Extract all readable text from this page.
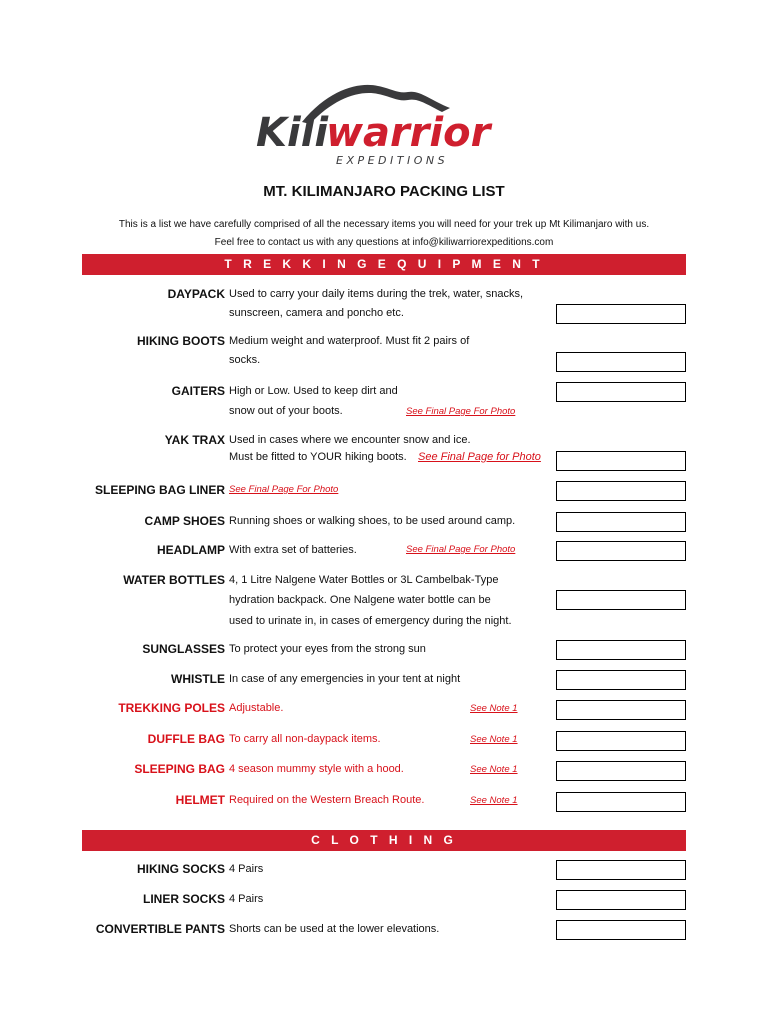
Kili
warrior
E X P E D I T I O N S
MT. KILIMANJARO PACKING LIST
This is a list we have carefully comprised of all the necessary items you will need for your trek up Mt Kilimanjaro with us.
Feel free to contact us with any questions at info@kiliwarriorexpeditions.com
T R E K K I N G E Q U I P M E N T
DAYPACK Used to carry your daily items during the trek, water, snacks,
sunscreen, camera and poncho etc.
HIKING BOOTS Medium weight and waterproof. Must fit 2 pairs of
socks.
GAITERS High or Low. Used to keep dirt and
snow out of your boots.	See Final Page For Photo
YAK TRAX Used in cases where we encounter snow and ice.
Must be fitted to YOUR hiking boots. See Final Page for Photo
SLEEPING BAG LINER See Final Page For Photo
CAMP SHOES Running shoes or walking shoes, to be used around camp.
HEADLAMP With extra set of batteries.	See Final Page For Photo
WATER BOTTLES 4, 1 Litre Nalgene Water Bottles or 3L Cambelbak-Type
hydration backpack. One Nalgene water bottle can be
used to urinate in, in cases of emergency during the night.
SUNGLASSES To protect your eyes from the strong sun
WHISTLE In case of any emergencies in your tent at night
TREKKING POLES Adjustable.	See Note 1
DUFFLE BAG To carry all non-daypack items.	See Note 1
SLEEPING BAG 4 season mummy style with a hood.	See Note 1
HELMET Required on the Western Breach Route.	See Note 1
C L O T H I N G
HIKING SOCKS 4 Pairs
LINER SOCKS 4 Pairs
CONVERTIBLE PANTS Shorts can be used at the lower elevations.
